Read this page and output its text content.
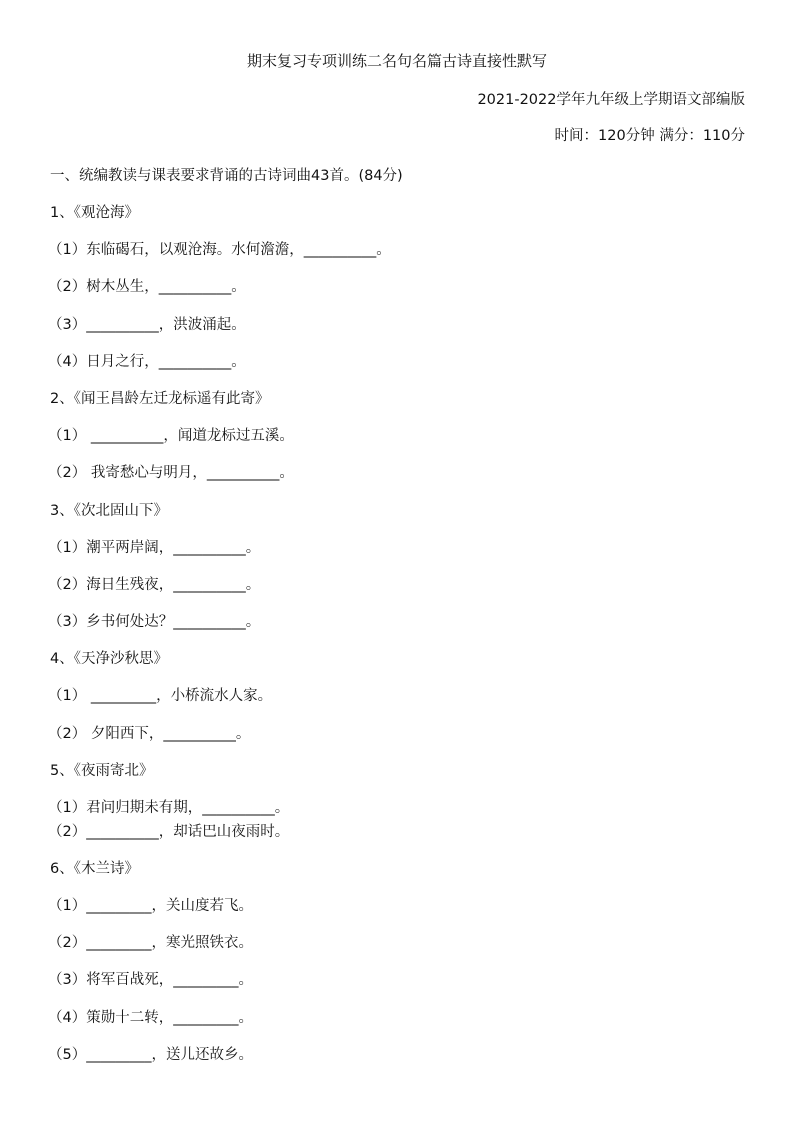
期末复习专项训练二名句名篇古诗直接性默写
2021-2022学年九年级上学期语文部编版
时间：120分钟 满分：110分
一、统编教读与课表要求背诵的古诗词曲43首。(84分)
1、《观沧海》
（1）东临碣石，以观沧海。水何澹澹，__________。
（2）树木丛生，__________。
（3）__________，洪波涌起。
（4）日月之行，__________。
2、《闻王昌龄左迁龙标遥有此寄》
（1） __________，闻道龙标过五溪。
（2） 我寄愁心与明月，__________。
3、《次北固山下》
（1）潮平两岸阔，__________。
（2）海日生残夜，__________。
（3）乡书何处达？__________。
4、《天净沙秋思》
（1） _________，小桥流水人家。
（2） 夕阳西下，__________。
5、《夜雨寄北》
（1）君问归期未有期，__________。
（2）__________，却话巴山夜雨时。
6、《木兰诗》
（1）_________，关山度若飞。
（2）_________，寒光照铁衣。
（3）将军百战死，_________。
（4）策勋十二转，_________。
（5）_________，送儿还故乡。
